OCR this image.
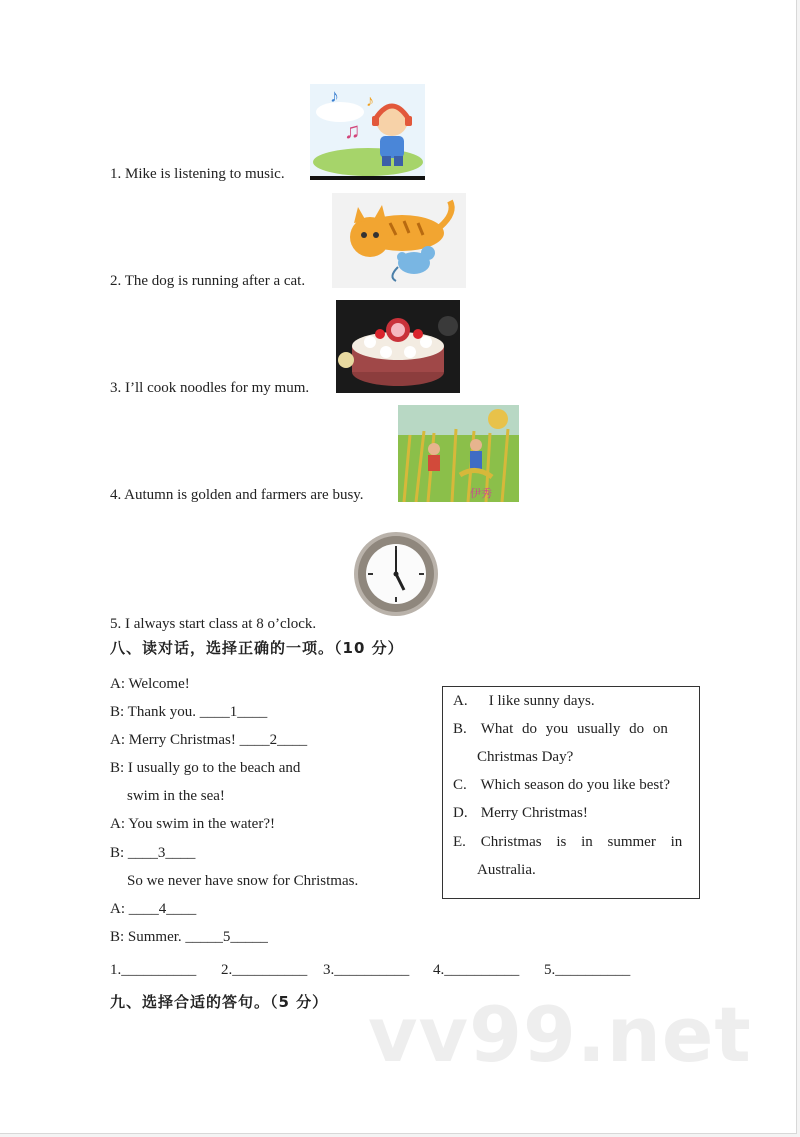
♪
♫
♪
1. Mike is listening to music.
2. The dog is running after a cat.
3. I’ll cook noodles for my mum.
伊秀
4. Autumn is golden and farmers are busy.
5. I always start class at 8 o’clock.
八、读对话，选择正确的一项。（10 分）
A: Welcome!
B: Thank you. ____1____
A: Merry Christmas! ____2____
B: I usually go to the beach and
swim in the sea!
A: You swim in the water?!
B: ____3____
So we never have snow for Christmas.
A: ____4____
B: Summer. _____5_____
A. I like sunny days.
B. What do you usually do on
Christmas Day?
C. Which season do you like best?
D. Merry Christmas!
E. Christmas is in summer in
Australia.
1.__________ 2.__________ 3.__________ 4.__________ 5.__________
九、选择合适的答句。（5 分） vv99.net
